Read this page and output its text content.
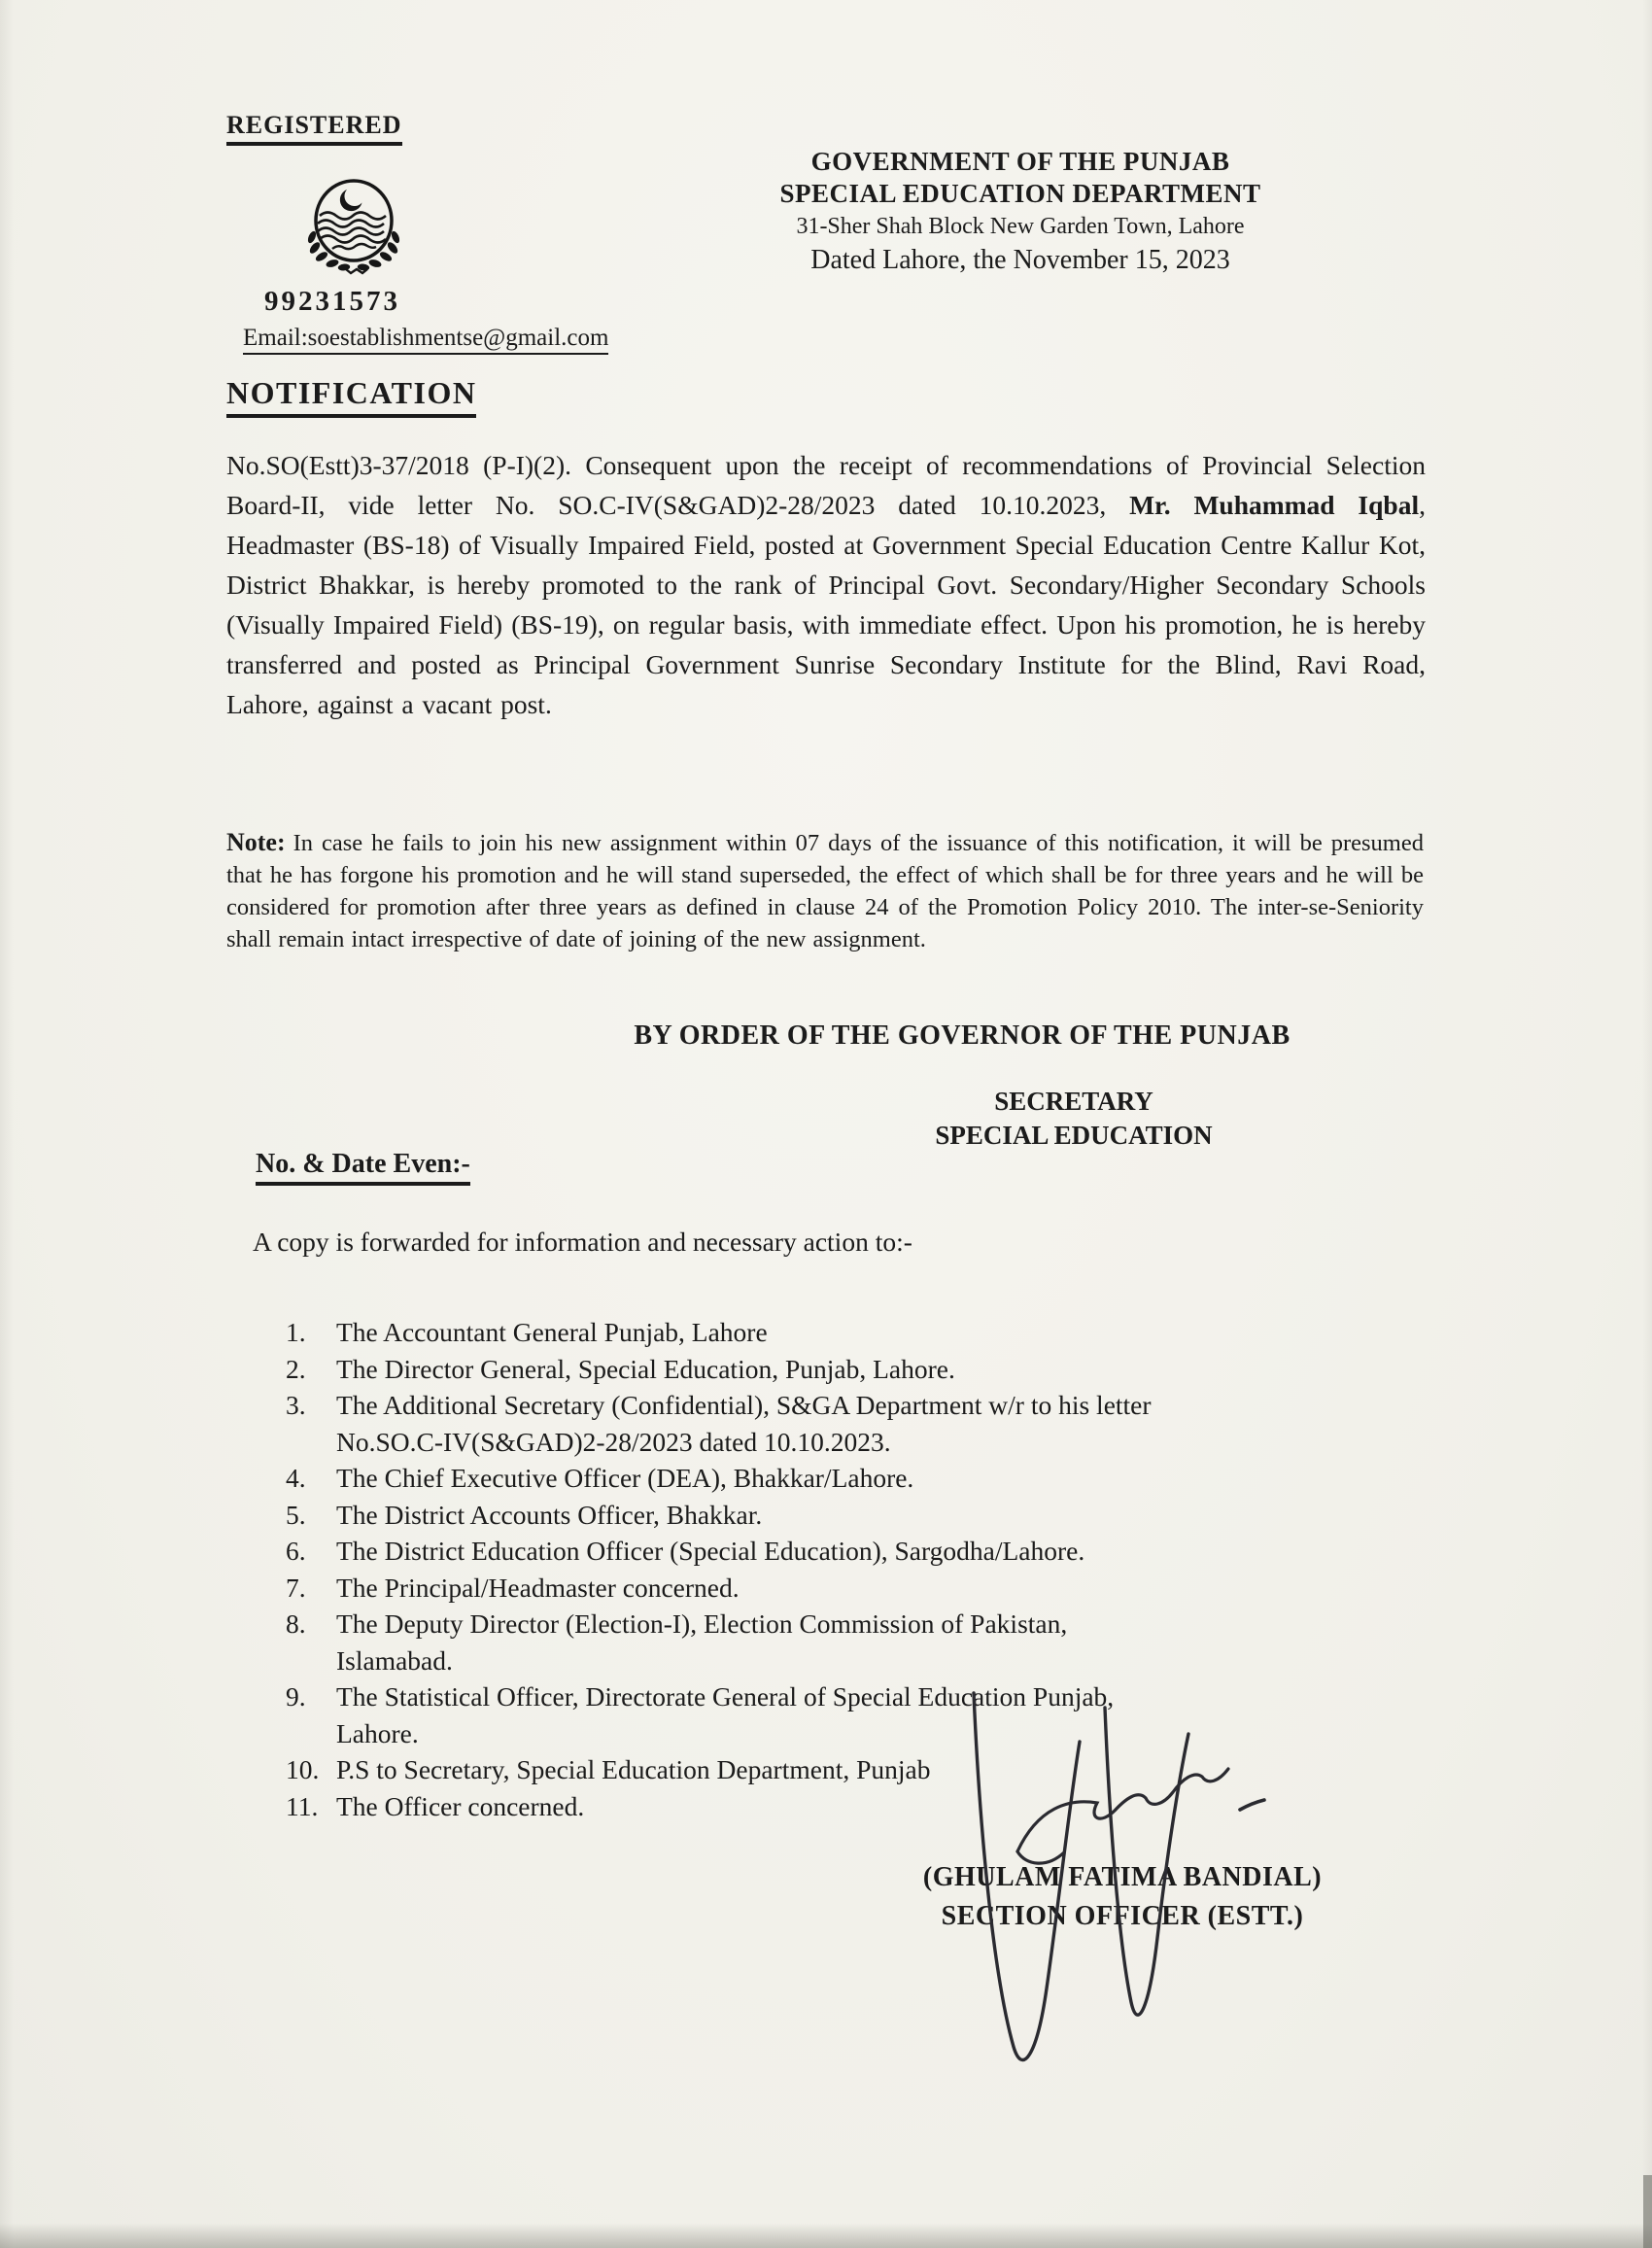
REGISTERED
GOVERNMENT OF THE PUNJAB
SPECIAL EDUCATION DEPARTMENT
31-Sher Shah Block New Garden Town, Lahore
Dated Lahore, the November 15, 2023
99231573
Email:soestablishmentse@gmail.com
NOTIFICATION
No.SO(Estt)3-37/2018 (P-I)(2). Consequent upon the receipt of recommendations of Provincial Selection Board-II, vide letter No. SO.C-IV(S&GAD)2-28/2023 dated 10.10.2023, Mr. Muhammad Iqbal, Headmaster (BS-18) of Visually Impaired Field, posted at Government Special Education Centre Kallur Kot, District Bhakkar, is hereby promoted to the rank of Principal Govt. Secondary/Higher Secondary Schools (Visually Impaired Field) (BS-19), on regular basis, with immediate effect. Upon his promotion, he is hereby transferred and posted as Principal Government Sunrise Secondary Institute for the Blind, Ravi Road, Lahore, against a vacant post.
Note: In case he fails to join his new assignment within 07 days of the issuance of this notification, it will be presumed that he has forgone his promotion and he will stand superseded, the effect of which shall be for three years and he will be considered for promotion after three years as defined in clause 24 of the Promotion Policy 2010. The inter-se-Seniority shall remain intact irrespective of date of joining of the new assignment.
BY ORDER OF THE GOVERNOR OF THE PUNJAB
SECRETARY
SPECIAL EDUCATION
No. & Date Even:-
A copy is forwarded for information and necessary action to:-
1.	The Accountant General Punjab, Lahore
2.	The Director General, Special Education, Punjab, Lahore.
3.	The Additional Secretary (Confidential), S&GA Department w/r to his letter
No.SO.C-IV(S&GAD)2-28/2023 dated 10.10.2023.
4.	The Chief Executive Officer (DEA), Bhakkar/Lahore.
5.	The District Accounts Officer, Bhakkar.
6.	The District Education Officer (Special Education), Sargodha/Lahore.
7.	The Principal/Headmaster concerned.
8.	The Deputy Director (Election-I), Election Commission of Pakistan,
Islamabad.
9.	The Statistical Officer, Directorate General of Special Education Punjab,
Lahore.
10. P.S to Secretary, Special Education Department, Punjab
11. The Officer concerned.
(GHULAM FATIMA BANDIAL)
SECTION OFFICER (ESTT.)
